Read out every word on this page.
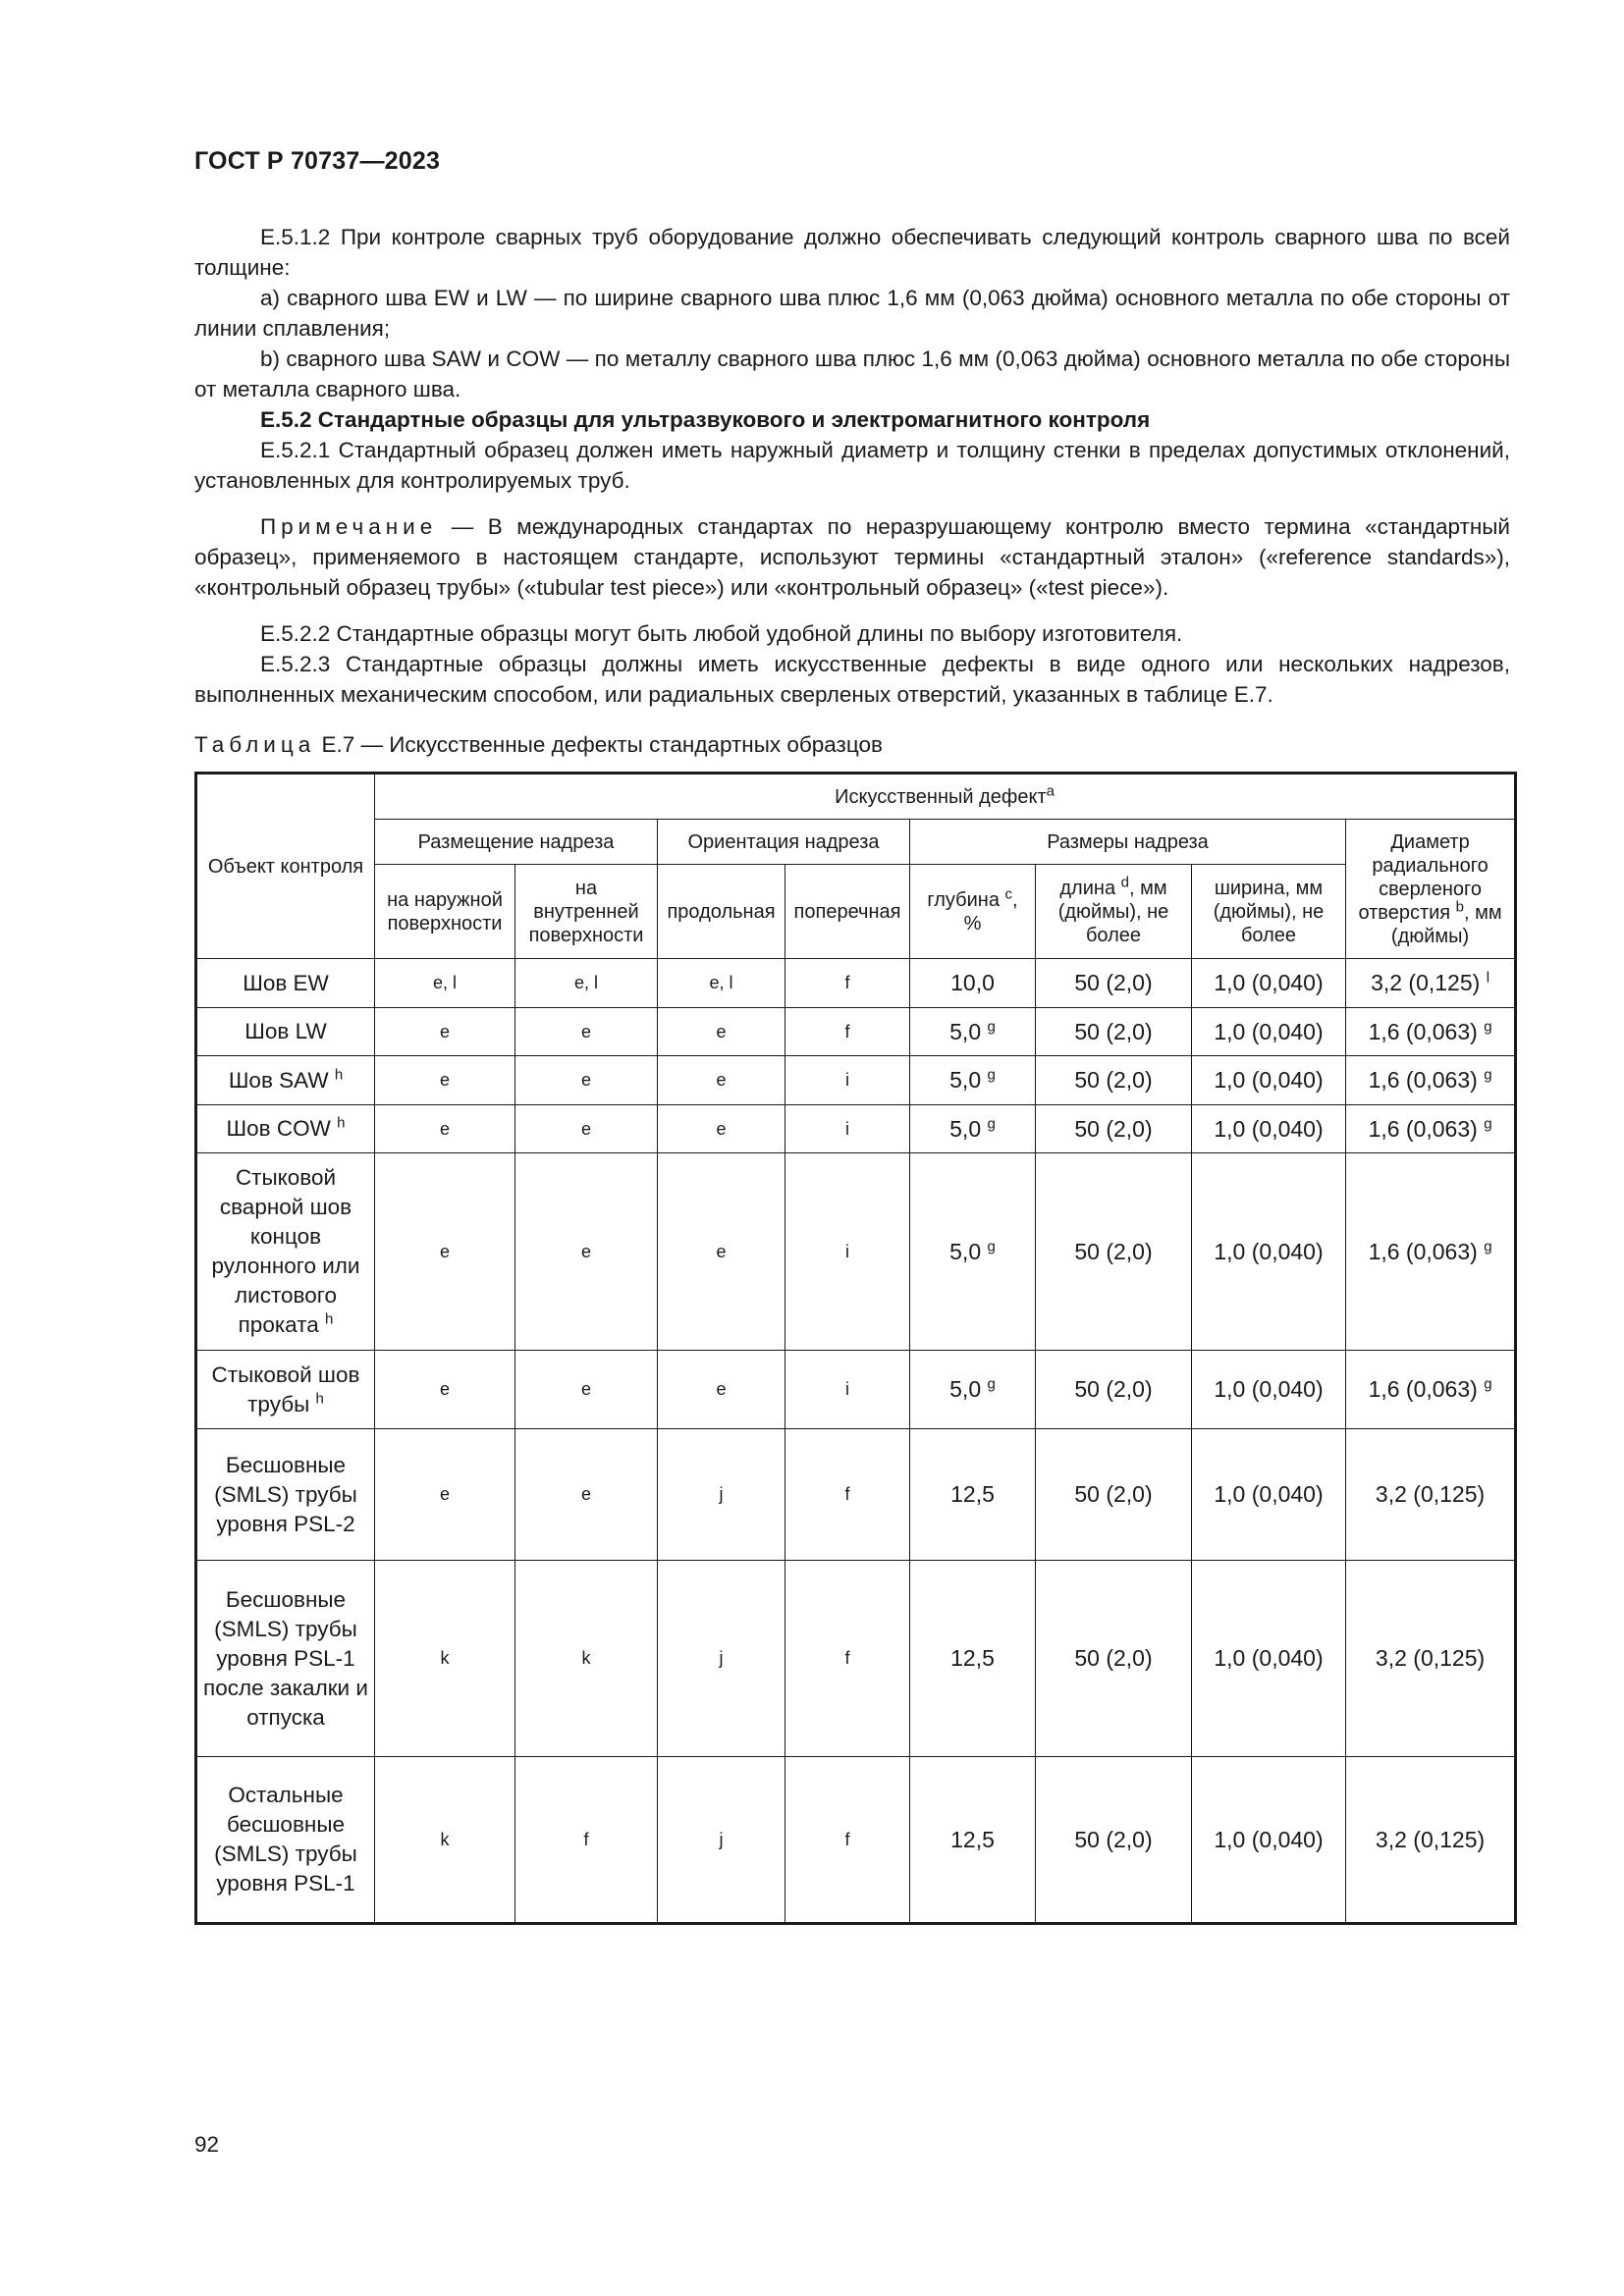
ГОСТ Р 70737—2023

Е.5.1.2 При контроле сварных труб оборудование должно обеспечивать следующий контроль сварного шва по всей толщине:

а) сварного шва EW и LW — по ширине сварного шва плюс 1,6 мм (0,063 дюйма) основного металла по обе стороны от линии сплавления;

b) сварного шва SAW и COW — по металлу сварного шва плюс 1,6 мм (0,063 дюйма) основного металла по обе стороны от металла сварного шва.

Е.5.2 Стандартные образцы для ультразвукового и электромагнитного контроля

Е.5.2.1 Стандартный образец должен иметь наружный диаметр и толщину стенки в пределах допустимых отклонений, установленных для контролируемых труб.

Примечание — В международных стандартах по неразрушающему контролю вместо термина «стандартный образец», применяемого в настоящем стандарте, используют термины «стандартный эталон» («reference standards»), «контрольный образец трубы» («tubular test piece») или «контрольный образец» («test piece»).

Е.5.2.2 Стандартные образцы могут быть любой удобной длины по выбору изготовителя.

Е.5.2.3 Стандартные образцы должны иметь искусственные дефекты в виде одного или нескольких надрезов, выполненных механическим способом, или радиальных сверленых отверстий, указанных в таблице Е.7.

Таблица Е.7 — Искусственные дефекты стандартных образцов
Объект контроля	Искусственный дефект$^a$
	Размещение надреза		Ориентация надреза		Размеры надреза			Диаметр радиального сверленого отверстия $^b$, мм (дюймы)
	на наружной поверхности	на внутренней поверхности	продольная	поперечная	глубина $^c$, %	длина $^d$, мм (дюймы), не более	ширина, мм (дюймы), не более	
Шов EW	e, l	e, l	e, l	f	10,0	50 (2,0)	1,0 (0,040)	3,2 (0,125) $^l$
Шов LW	e	e	e	f	5,0 $^g$	50 (2,0)	1,0 (0,040)	1,6 (0,063) $^g$
Шов SAW $^h$	e	e	e	i	5,0 $^g$	50 (2,0)	1,0 (0,040)	1,6 (0,063) $^g$
Шов COW $^h$	e	e	e	i	5,0 $^g$	50 (2,0)	1,0 (0,040)	1,6 (0,063) $^g$
Стыковой сварной шов концов рулонного или листового проката $^h$	e	e	e	i	5,0 $^g$	50 (2,0)	1,0 (0,040)	1,6 (0,063) $^g$
Стыковой шов трубы $^h$	e	e	e	i	5,0 $^g$	50 (2,0)	1,0 (0,040)	1,6 (0,063) $^g$
Бесшовные (SMLS) трубы уровня PSL-2	e	e	j	f	12,5	50 (2,0)	1,0 (0,040)	3,2 (0,125)
Бесшовные (SMLS) трубы уровня PSL-1 после закалки и отпуска	k	k	j	f	12,5	50 (2,0)	1,0 (0,040)	3,2 (0,125)
Остальные бесшовные (SMLS) трубы уровня PSL-1	k	f	j	f	12,5	50 (2,0)	1,0 (0,040)	3,2 (0,125)
92
